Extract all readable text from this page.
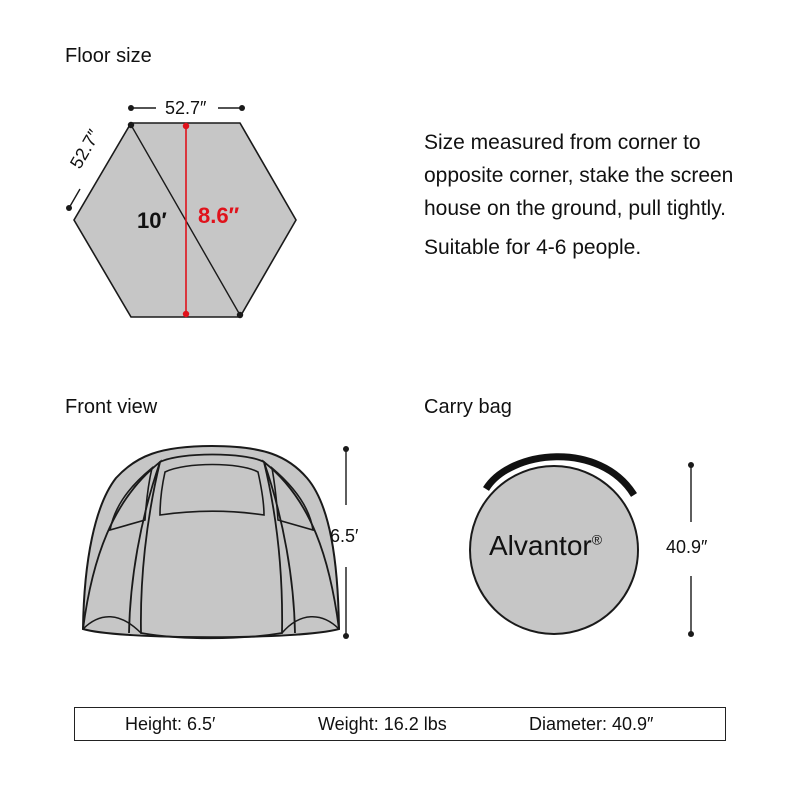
Floor size
Front view	Carry bag
52.7″
52.7″
10′ 8.6″

Size measured from corner to opposite corner, stake the screen house on the ground, pull tightly.

Suitable for 4-6 people.

6.5′	Alvantor®	40.9″
Height: 6.5′	Weight: 16.2 lbs	Diameter: 40.9″
